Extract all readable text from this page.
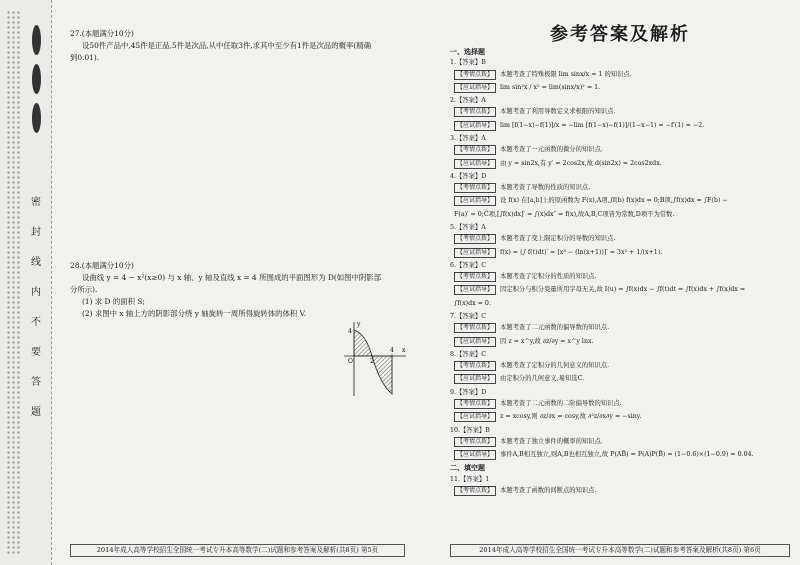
密
封
线
内
不
要
答
题
27.(本题满分10分)
设50件产品中,45件是正品,5件是次品,从中任取3件,求其中至少有1件是次品的概率(精确
到0.01).
28.(本题满分10分)
设曲线 y = 4 − x²(x≥0) 与 x 轴、y 轴及直线 x = 4 所围成的平面图形为 D(如图中阴影部
分所示).
(1) 求 D 的面积 S;
(2) 求图中 x 轴上方的阴影部分绕 y 轴旋转一周所得旋转体的体积 V.
y
x
O
4
2
4
2014年成人高等学校招生全国统一考试专升本高等数学(二)试题和参考答案及解析(共8页) 第5页
参考答案及解析
一、选择题
1.【答案】B
【考情点拨】 本题考查了特殊极限 lim sinx/x = 1 的知识点.
【应试指导】 lim sin²x / x² = lim(sinx/x)² = 1.
2.【答案】A
【考情点拨】 本题考查了利用导数定义求极限的知识点.
【应试指导】 lim [f(1−x)−f(1)]/x = −lim [f(1−x)−f(1)]/(1−x−1) = −f′(1) = −2.
3.【答案】A
【考情点拨】 本题考查了一元函数的微分的知识点.
【应试指导】 由 y = sin2x,有 y′ = 2cos2x,故 d(sin2x) = 2cos2xdx.
4.【答案】D
【考情点拨】 本题考查了导数的性质的知识点.
【应试指导】 设 f(x) 在[a,b]上的原函数为 F(x),A项,∫f(b) f(x)dx = 0;B项,∫f(x)dx = ∫F(b) −
F(a)′ = 0;C项,[∫f(x)dx]′ = ∫(x)dx″ = f(x),故A,B,C项皆为常数,D项不为常数.
5.【答案】A
【考情点拨】 本题考查了变上限定积分的导数的知识点.
【应试指导】 f(x) = (∫ f(t)dt)′ = [x³ − (ln(x+1))]′ = 3x² + 1/(x+1).
6.【答案】C
【考情点拨】 本题考查了定积分的性质的知识点.
【应试指导】 因定积分与积分变量所用字母无关,故 I(u) = ∫f(x)dx − ∫f(t)dt = ∫f(x)dx + ∫f(x)dx =
∫f(x)dx = 0.
7.【答案】C
【考情点拨】 本题考查了二元函数的偏导数的知识点.
【应试指导】 因 z = x^y,故 ∂z/∂y = x^y lnx.
8.【答案】C
【考情点拨】 本题考查了定积分的几何意义的知识点.
【应试指导】 由定积分的几何意义,易知选C.
9.【答案】D
【考情点拨】 本题考查了二元函数的二阶偏导数的知识点.
【应试指导】 z = xcosy,则 ∂z/∂x = cosy,故 ∂²z/∂x∂y = −siny.
10.【答案】B
【考情点拨】 本题考查了独立事件的概率的知识点.
【应试指导】 事件A,B相互独立,则A,B也相互独立,故 P(AB̄) = P(A)P(B̄) = (1−0.6)×(1−0.9) = 0.04.
二、填空题
11.【答案】1
【考情点拨】 本题考查了函数的间断点的知识点.
2014年成人高等学校招生全国统一考试专升本高等数学(二)试题和参考答案及解析(共8页) 第6页
